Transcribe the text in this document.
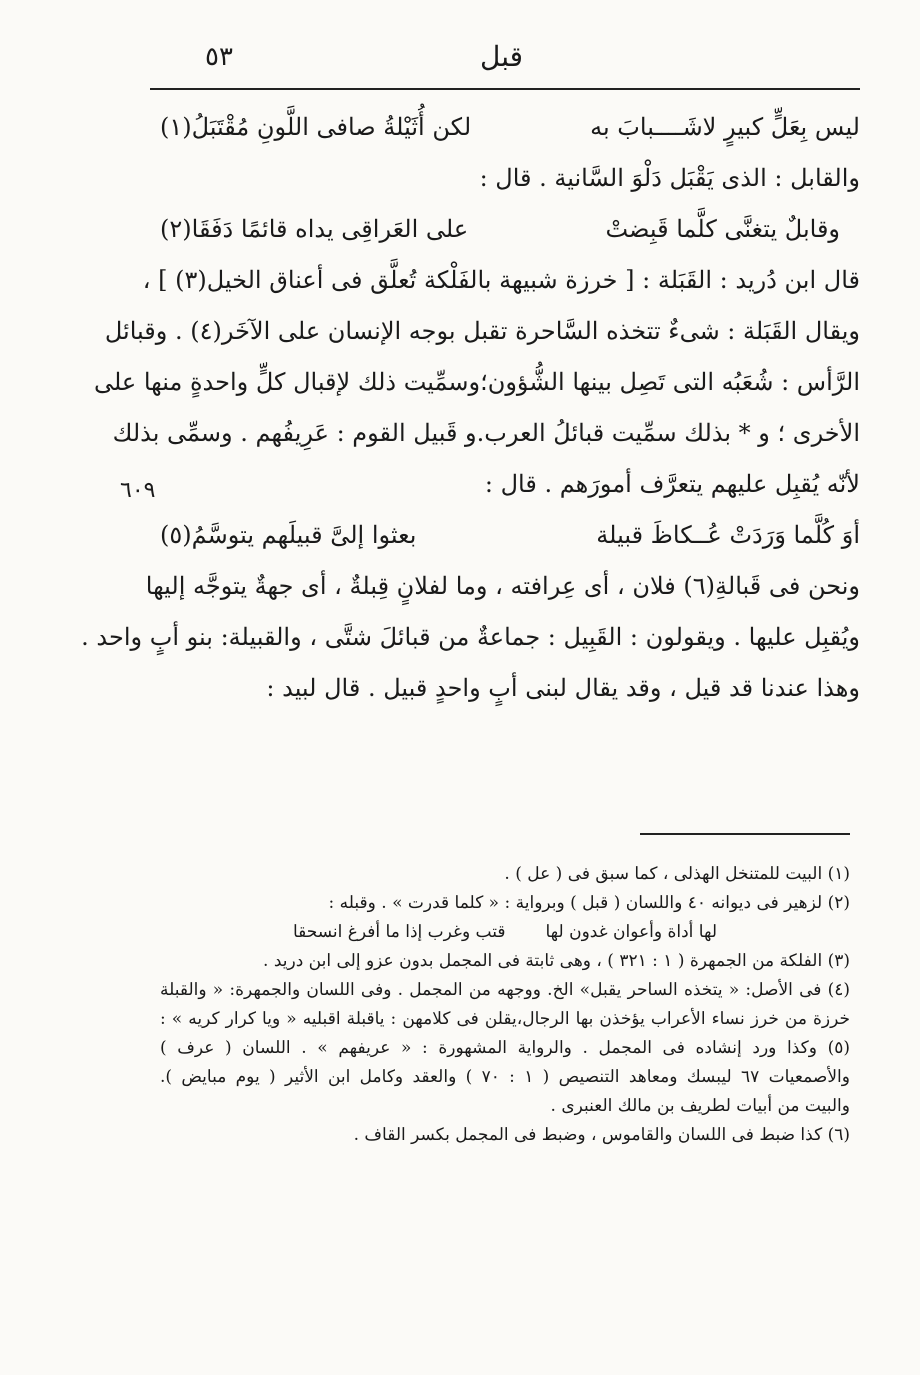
٥٣	قبل
ليس بِعَلٍّ كبيرٍ لاشَــــبابَ به
لكن أُثَيْلةُ صافى اللَّونِ مُقْتَبَلُ(١)
والقابل : الذى يَقْبَل دَلْوَ السَّانية . قال :
وقابلٌ يتغنَّى كلَّما قَبِضتْ
على العَراقِى يداه قائمًا دَفَقَا(٢)
قال ابن دُريد : القَبَلة : [ خرزة شبيهة بالفَلْكة تُعلَّق فى أعناق الخيل(٣) ] ،
ويقال القَبَلة : شىءٌ تتخذه السَّاحرة تقبل بوجه الإنسان على الآخَر(٤) . وقبائل
الرَّأس : شُعَبُه التى تَصِل بينها الشُّؤون؛وسمِّيت ذلك لإقبال كلٍّ واحدةٍ منها على
الأخرى ؛ و * بذلك سمِّيت قبائلُ العرب.و قَبيل القوم : عَرِيفُهم . وسمِّى بذلك
لأنّه يُقبِل عليهم يتعرَّف أمورَهم . قال :
أوَ كُلَّما وَرَدَتْ عُــكاظَ قبيلة
بعثوا إلىَّ قبيلَهم يتوسَّمُ(٥)
ونحن فى قَبالةِ(٦) فلان ، أى عِرافته ، وما لفلانٍ قِبلةٌ ، أى جهةٌ يتوجَّه إليها
ويُقبِل عليها . ويقولون : القَبِيل : جماعةٌ من قبائلَ شتَّى ، والقبيلة: بنو أبٍ واحد .
وهذا عندنا قد قيل ، وقد يقال لبنى أبٍ واحدٍ قبيل . قال لبيد :
٦٠٩
(١) البيت للمتنخل الهذلى ، كما سبق فى ( عل ) .
(٢) لزهير فى ديوانه ٤٠ واللسان ( قبل ) وبرواية : « كلما قدرت » . وقبله :
لها أداة وأعوان غدون لها
قتب وغرب إذا ما أفرغ انسحقا
(٣) الفلكة من الجمهرة ( ١ : ٣٢١ ) ، وهى ثابتة فى المجمل بدون عزو إلى ابن دريد .
(٤) فى الأصل: « يتخذه الساحر يقبل» الخ. ووجهه من المجمل . وفى اللسان والجمهرة: « والقبلة
خرزة من خرز نساء الأعراب يؤخذن بها الرجال،يقلن فى كلامهن : ياقبلة اقبليه « ويا كرار كريه » :
(٥) وكذا ورد إنشاده فى المجمل . والرواية المشهورة : « عريفهم » . اللسان ( عرف )
والأصمعيات ٦٧ ليبسك ومعاهد التنصيص ( ١ : ٧٠ ) والعقد وكامل ابن الأثير ( يوم مبايض ).
والبيت من أبيات لطريف بن مالك العنبرى .
(٦) كذا ضبط فى اللسان والقاموس ، وضبط فى المجمل بكسر القاف .
